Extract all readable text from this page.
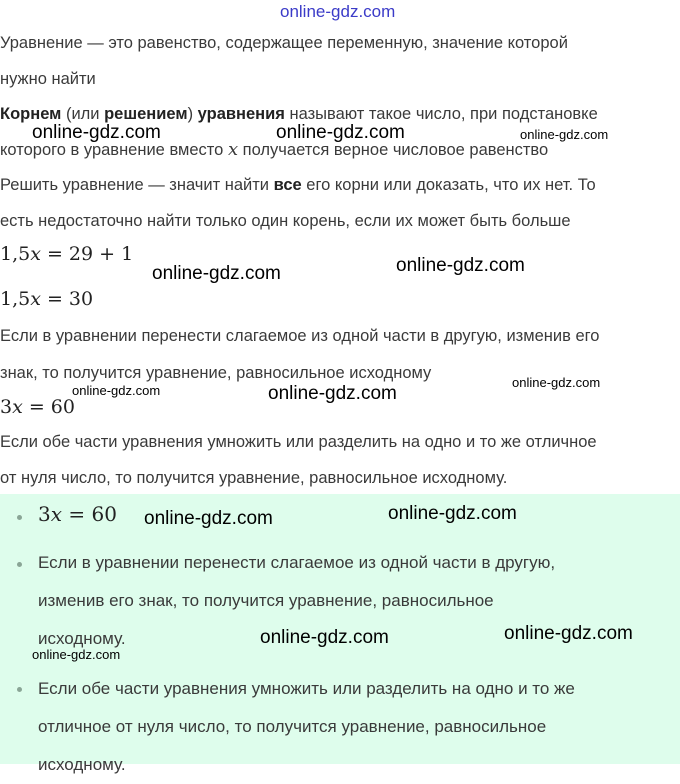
online-gdz.com

Уравнение — это равенство, содержащее переменную, значение которой

нужно найти

Корнем (или решением) уравнения называют такое число, при подстановке

которого в уравнение вместо x получается верное числовое равенство

Решить уравнение — значит найти все его корни или доказать, что их нет. То

есть недостаточно найти только один корень, если их может быть больше

1,5x = 29 + 1
1,5x = 30

Если в уравнении перенести слагаемое из одной части в другую, изменив его

знак, то получится уравнение, равносильное исходному

3x = 60

Если обе части уравнения умножить или разделить на одно и то же отличное

от нуля число, то получится уравнение, равносильное исходному.

3x = 60
Если в уравнении перенести слагаемое из одной части в другую,
изменив его знак, то получится уравнение, равносильное
исходному.
Если обе части уравнения умножить или разделить на одно и то же
отличное от нуля число, то получится уравнение, равносильное
исходному.
online-gdz.com	online-gdz.com	online-gdz.com
online-gdz.com	online-gdz.com
online-gdz.com	online-gdz.com
online-gdz.com
online-gdz.com	online-gdz.com
online-gdz.com	online-gdz.com
online-gdz.com
